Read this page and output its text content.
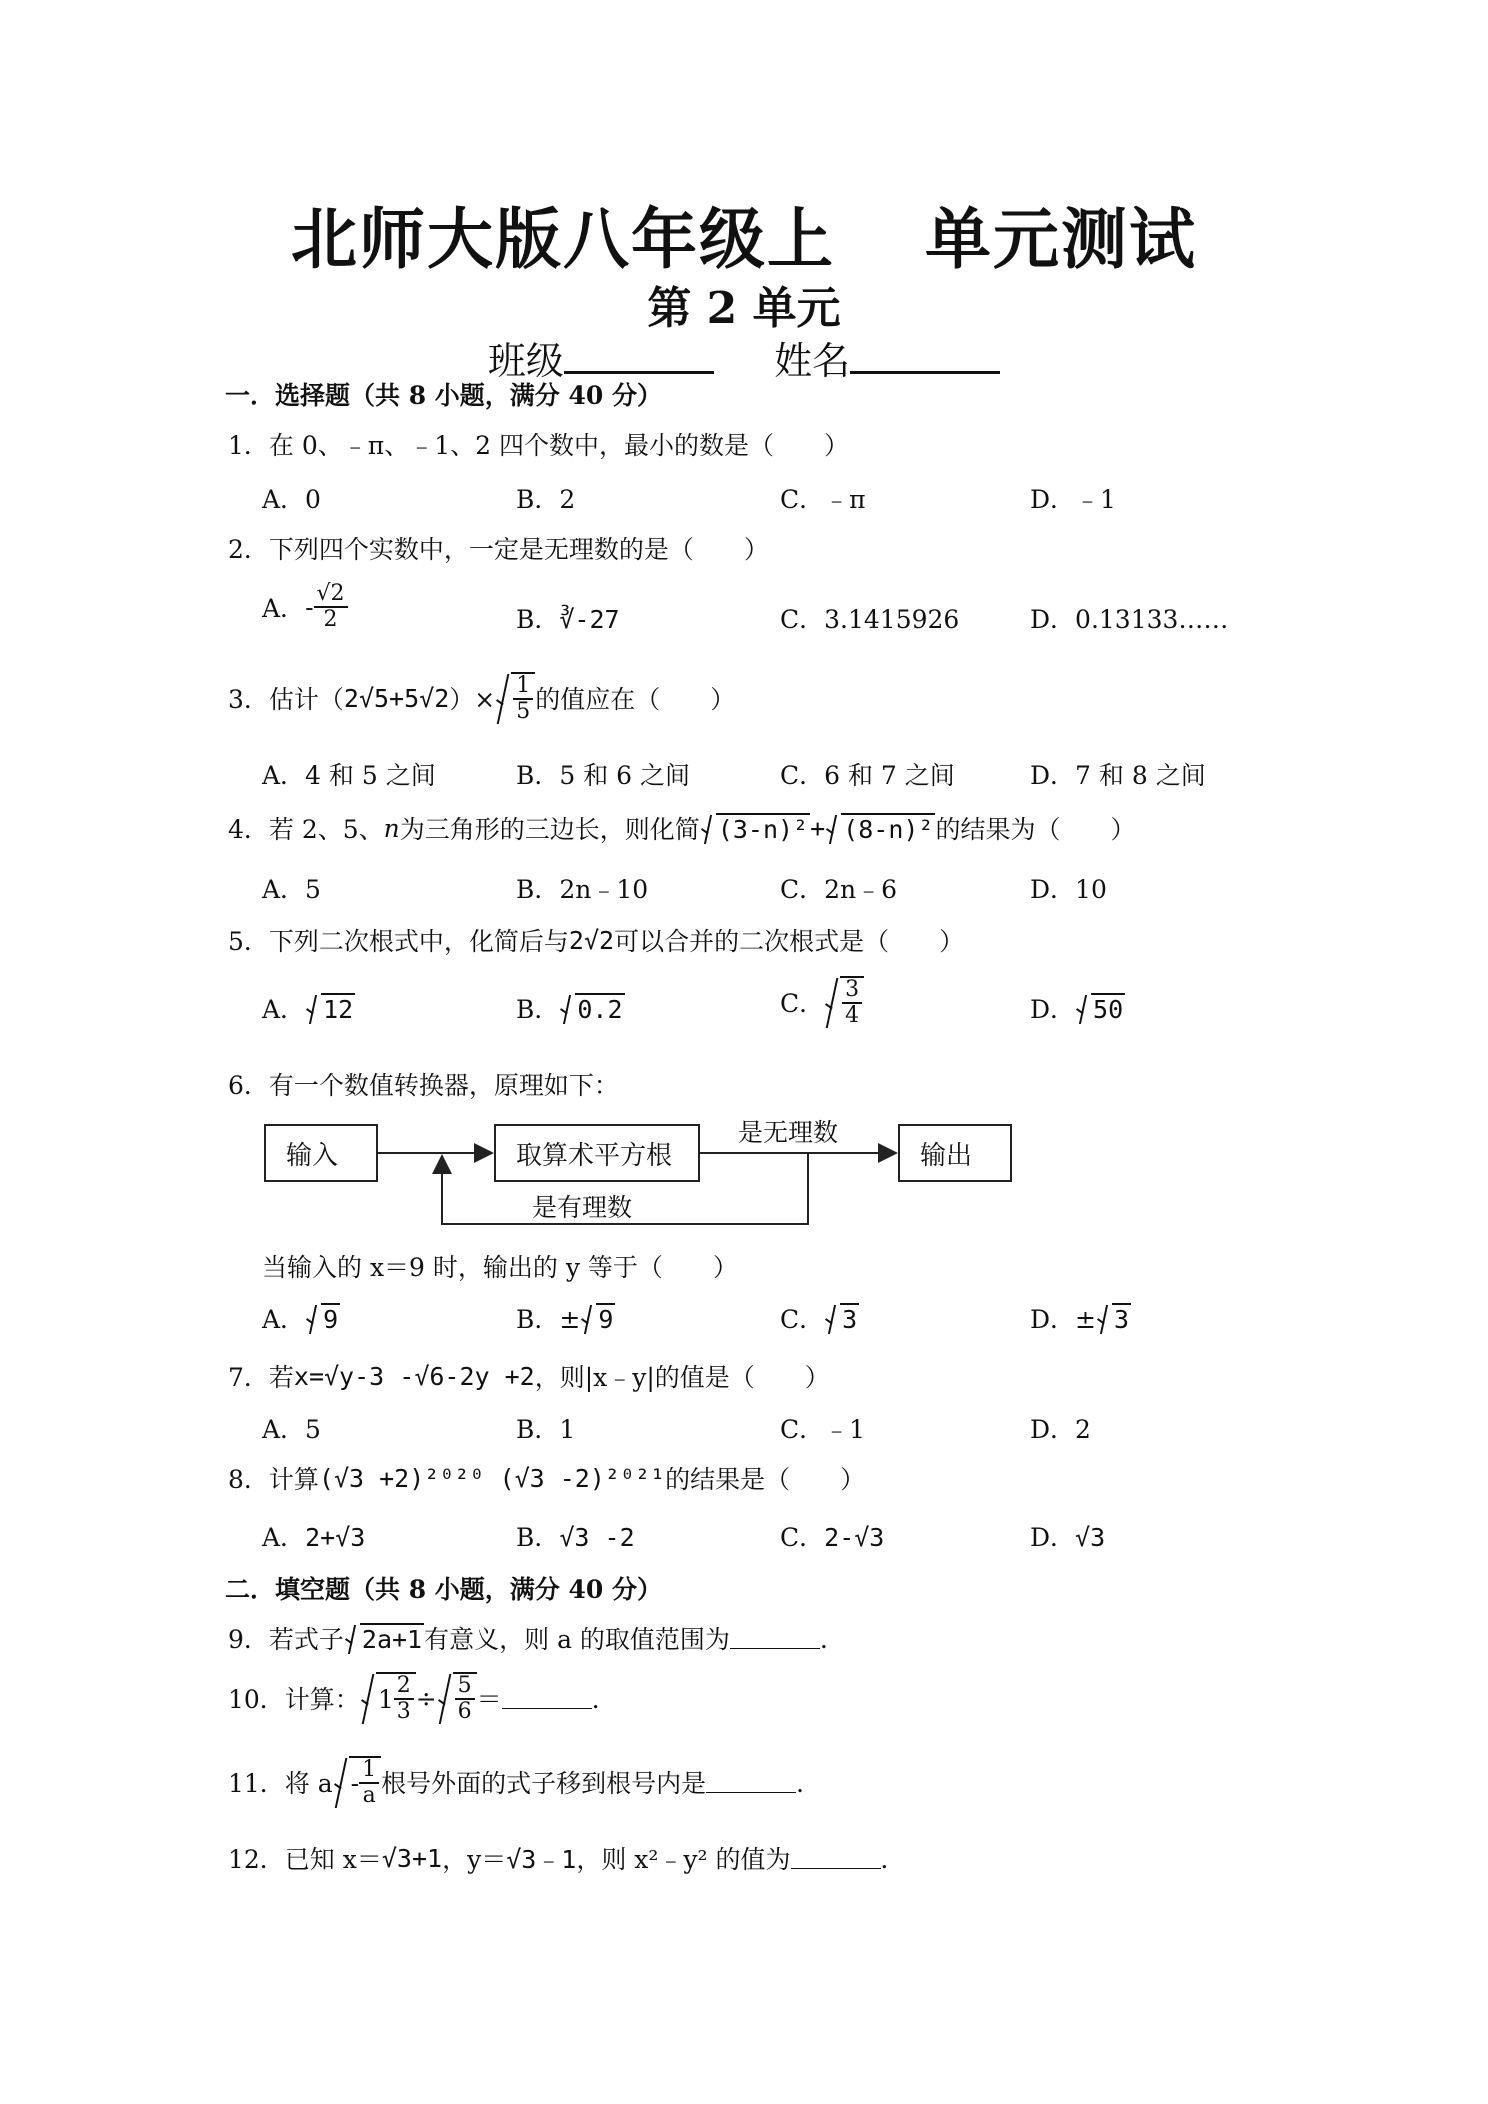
北师大版八年级上 单元测试
第 2 单元
班级	姓名
一．选择题（共 8 小题，满分 40 分）
1．在 0、﹣π、﹣1、2 四个数中，最小的数是（　　）
A．0	B．2	C．﹣π	D．﹣1
2．下列四个实数中，一定是无理数的是（　　）
A． - $\frac{√2}{2}$	B．∛-27	C．3.1415926	D．0.13133……
3．估计（ 2√5+5√2 ）× $\frac{1}{5}$ 的值应在（　　）
A．4 和 5 之间	B．5 和 6 之间	C．6 和 7 之间	D．7 和 8 之间
4．若 2、5、 n 为三角形的三边长，则化简 (3-n)² + (8-n)² 的结果为（　　）
A．5	B．2n﹣10	C．2n﹣6	D．10
5．下列二次根式中，化简后与 2√2 可以合并的二次根式是（　　）
A． 12	B． 0.2	C． $\frac{3}{4}$	D． 50
6．有一个数值转换器，原理如下：
输入	取算术平方根	输出
是无理数
是有理数
当输入的 x＝9 时，输出的 y 等于（　　）
A． 9	B．± 9	C． 3	D．± 3
7．若 x=√y-3 -√6-2y +2 ，则|x﹣y|的值是（　　）
A．5	B．1	C．﹣1	D．2
8．计算 (√3 +2)²⁰²⁰ (√3 -2)²⁰²¹ 的结果是（　　）
A．2+√3	B．√3 -2	C．2-√3	D．√3
二．填空题（共 8 小题，满分 40 分）
9．若式子 2a+1 有意义，则 a 的取值范围为	．
10．计算： $1 \frac{2}{3} \div \frac{5}{6}$ ＝	．
11．将 a - $\frac{1}{a}$ 根号外面的式子移到根号内是	．
12．已知 x＝ √3+1 ，y＝ √3﹣1 ，则 x²﹣y² 的值为	．
